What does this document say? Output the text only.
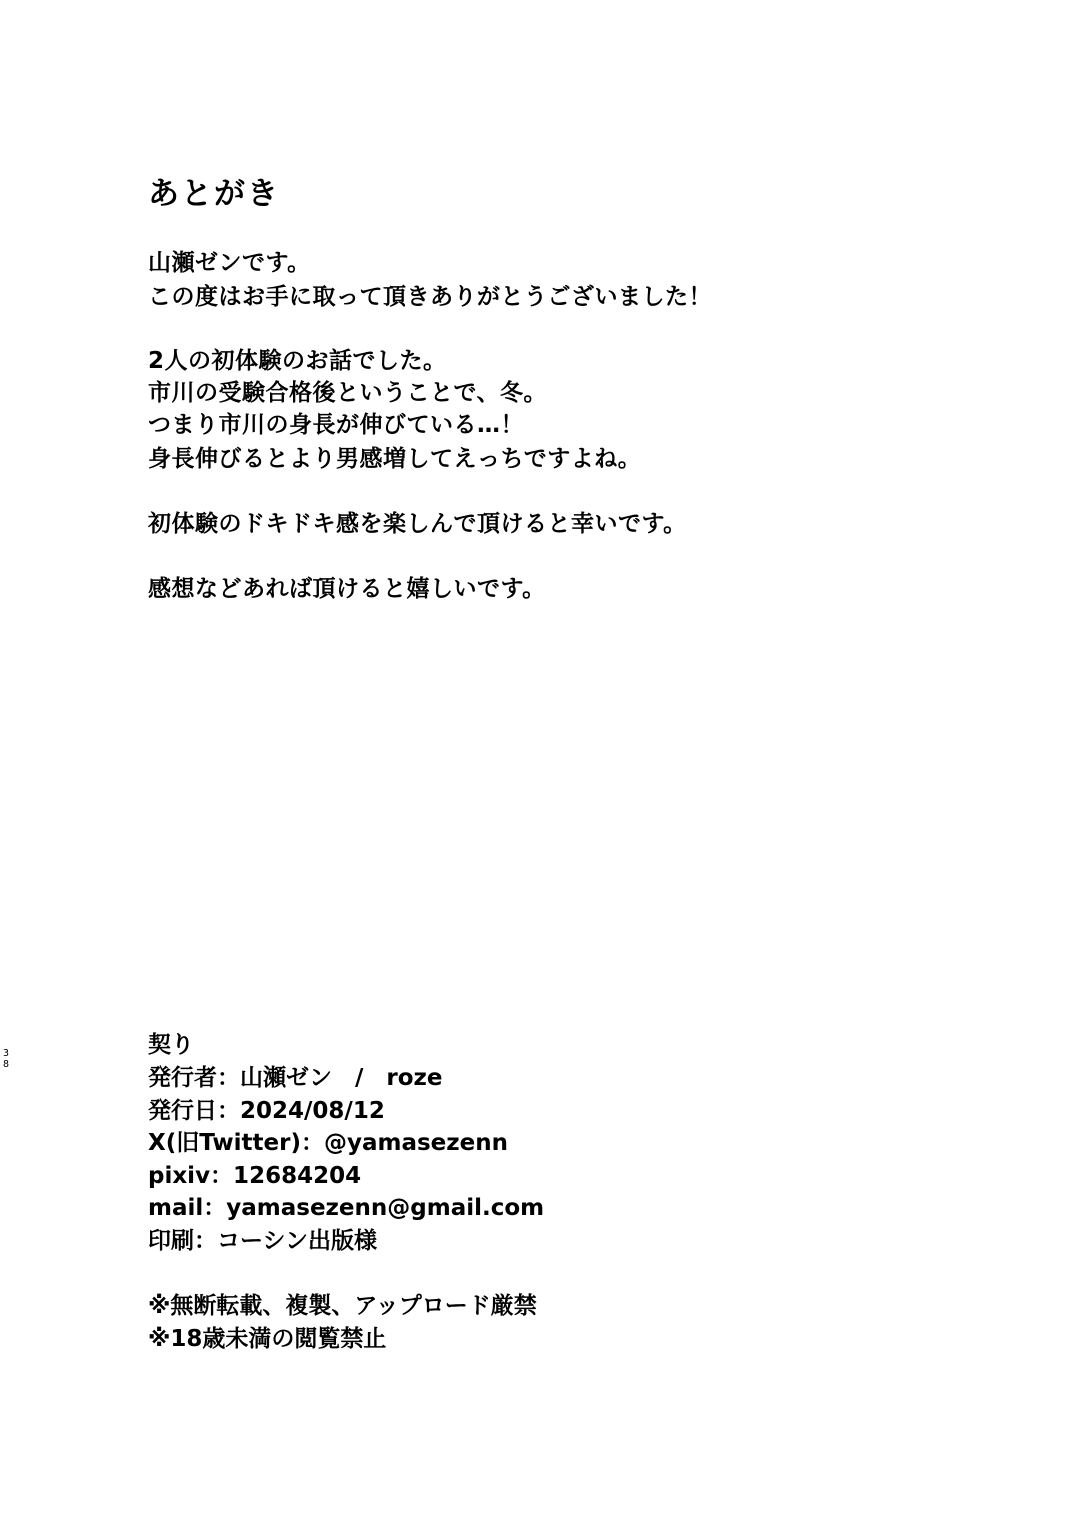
あとがき

山瀬ゼンです。

この度はお手に取って頂きありがとうございました！

2人の初体験のお話でした。

市川の受験合格後ということで、冬。

つまり市川の身長が伸びている…！

身長伸びるとより男感増してえっちですよね。

初体験のドキドキ感を楽しんで頂けると幸いです。

感想などあれば頂けると嬉しいです。

契り

発行者：山瀬ゼン　/　roze

発行日：2024/08/12

X(旧Twitter)：@yamasezenn

pixiv：12684204

mail：yamasezenn@gmail.com

印刷：コーシン出版様

※無断転載、複製、アップロード厳禁

※18歳未満の閲覧禁止

3
8
